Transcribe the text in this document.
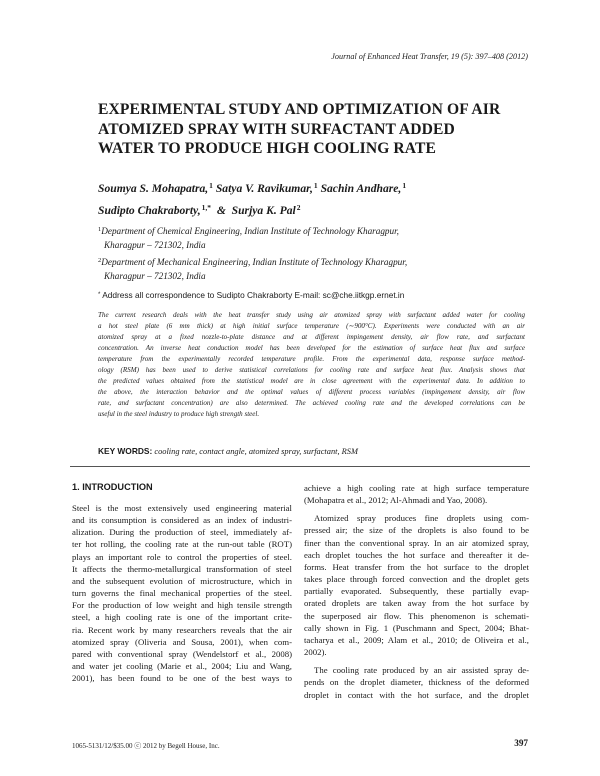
Journal of Enhanced Heat Transfer, 19 (5): 397–408 (2012)
EXPERIMENTAL STUDY AND OPTIMIZATION OF AIR
ATOMIZED SPRAY WITH SURFACTANT ADDED
WATER TO PRODUCE HIGH COOLING RATE
Soumya S. Mohapatra,$^1$ Satya V. Ravikumar,$^1$ Sachin Andhare,$^1$
Sudipto Chakraborty,$^{1,*}$ & Surjya K. Pal$^2$
$^1$Department of Chemical Engineering, Indian Institute of Technology Kharagpur,
Kharagpur – 721302, India
$^2$Department of Mechanical Engineering, Indian Institute of Technology Kharagpur,
Kharagpur – 721302, India
* Address all correspondence to Sudipto Chakraborty E-mail: sc@che.iitkgp.ernet.in
The current research deals with the heat transfer study using air atomized spray with surfactant added water for cooling
a hot steel plate (6 mm thick) at high initial surface temperature (∼900°C). Experiments were conducted with an air
atomized spray at a fixed nozzle-to-plate distance and at different impingement density, air flow rate, and surfactant
concentration. An inverse heat conduction model has been developed for the estimation of surface heat flux and surface
temperature from the experimentally recorded temperature profile. From the experimental data, response surface method-
ology (RSM) has been used to derive statistical correlations for cooling rate and surface heat flux. Analysis shows that
the predicted values obtained from the statistical model are in close agreement with the experimental data. In addition to
the above, the interaction behavior and the optimal values of different process variables (impingement density, air flow
rate, and surfactant concentration) are also determined. The achieved cooling rate and the developed correlations can be
useful in the steel industry to produce high strength steel.
KEY WORDS: cooling rate, contact angle, atomized spray, surfactant, RSM
1. INTRODUCTION
Steel is the most extensively used engineering material
and its consumption is considered as an index of industri-
alization. During the production of steel, immediately af-
ter hot rolling, the cooling rate at the run-out table (ROT)
plays an important role to control the properties of steel.
It affects the thermo-metallurgical transformation of steel
and the subsequent evolution of microstructure, which in
turn governs the final mechanical properties of the steel.
For the production of low weight and high tensile strength
steel, a high cooling rate is one of the important crite-
ria. Recent work by many researchers reveals that the air
atomized spray (Oliveria and Sousa, 2001), when com-
pared with conventional spray (Wendelstorf et al., 2008)
and water jet cooling (Marie et al., 2004; Liu and Wang,
2001), has been found to be one of the best ways to
achieve a high cooling rate at high surface temperature
(Mohapatra et al., 2012; Al-Ahmadi and Yao, 2008).
Atomized spray produces fine droplets using com-
pressed air; the size of the droplets is also found to be
finer than the conventional spray. In an air atomized spray,
each droplet touches the hot surface and thereafter it de-
forms. Heat transfer from the hot surface to the droplet
takes place through forced convection and the droplet gets
partially evaporated. Subsequently, these partially evap-
orated droplets are taken away from the hot surface by
the superposed air flow. This phenomenon is schemati-
cally shown in Fig. 1 (Puschmann and Spect, 2004; Bhat-
tacharya et al., 2009; Alam et al., 2010; de Oliveira et al.,
2002).
The cooling rate produced by an air assisted spray de-
pends on the droplet diameter, thickness of the deformed
droplet in contact with the hot surface, and the droplet
1065-5131/12/$35.00 ⓒ 2012 by Begell House, Inc.	397
